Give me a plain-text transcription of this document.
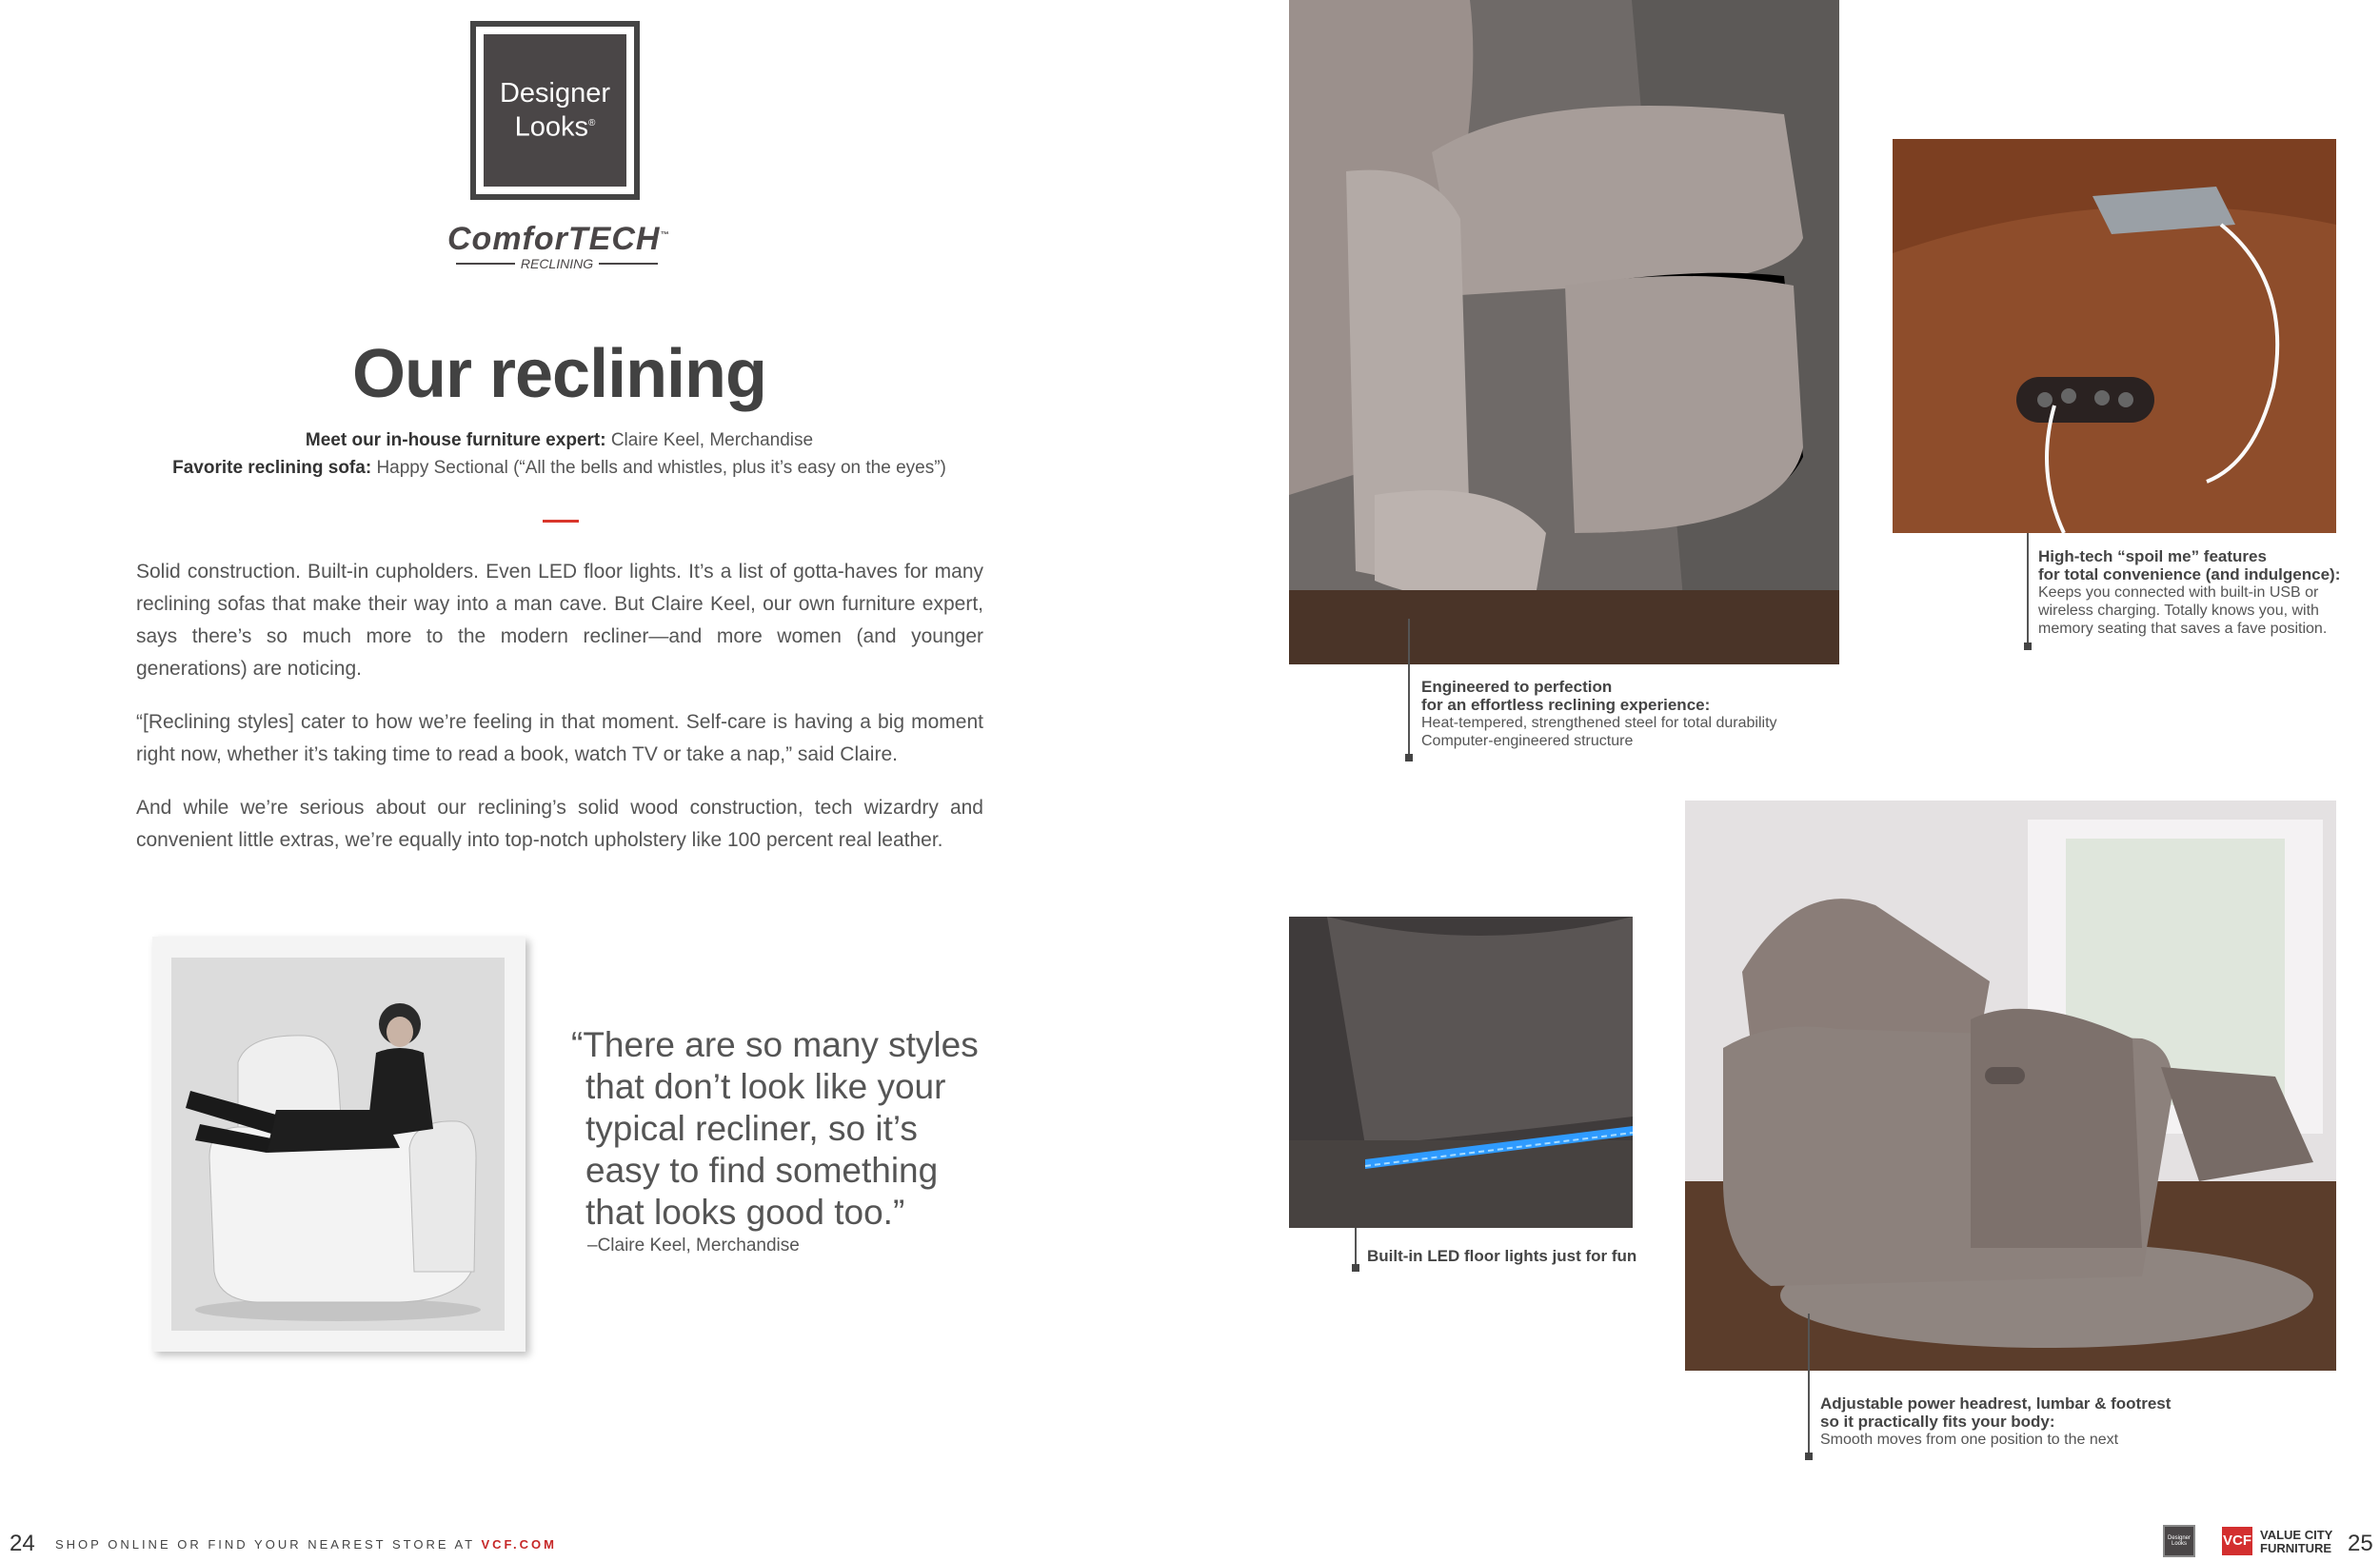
Designer
Looks®
ComforTECH™
RECLINING
Our reclining
Meet our in-house furniture expert: Claire Keel, Merchandise
Favorite reclining sofa: Happy Sectional (“All the bells and whistles, plus it’s easy on the eyes”)

Solid construction. Built-in cupholders. Even LED floor lights. It’s a list of gotta-haves for many reclining sofas that make their way into a man cave. But Claire Keel, our own furniture expert, says there’s so much more to the modern recliner—and more women (and younger generations) are noticing.

“[Reclining styles] cater to how we’re feeling in that moment. Self-care is having a big moment right now, whether it’s taking time to read a book, watch TV or take a nap,” said Claire.

And while we’re serious about our reclining’s solid wood construction, tech wizardry and convenient little extras, we’re equally into top-notch upholstery like 100 percent real leather.

“There are so many styles
that don’t look like your
typical recliner, so it’s
easy to find something
that looks good too.”
–Claire Keel, Merchandise
Engineered to perfection
for an effortless reclining experience:
Heat-tempered, strengthened steel for total durability
Computer-engineered structure
High-tech “spoil me” features
for total convenience (and indulgence):
Keeps you connected with built-in USB or
wireless charging. Totally knows you, with
memory seating that saves a fave position.
Built-in LED floor lights just for fun
Adjustable power headrest, lumbar & footrest
so it practically fits your body:
Smooth moves from one position to the next
24 SHOP ONLINE OR FIND YOUR NEAREST STORE AT VCF.COM	Designer Looks	VCF VALUE CITY
FURNITURE 25
